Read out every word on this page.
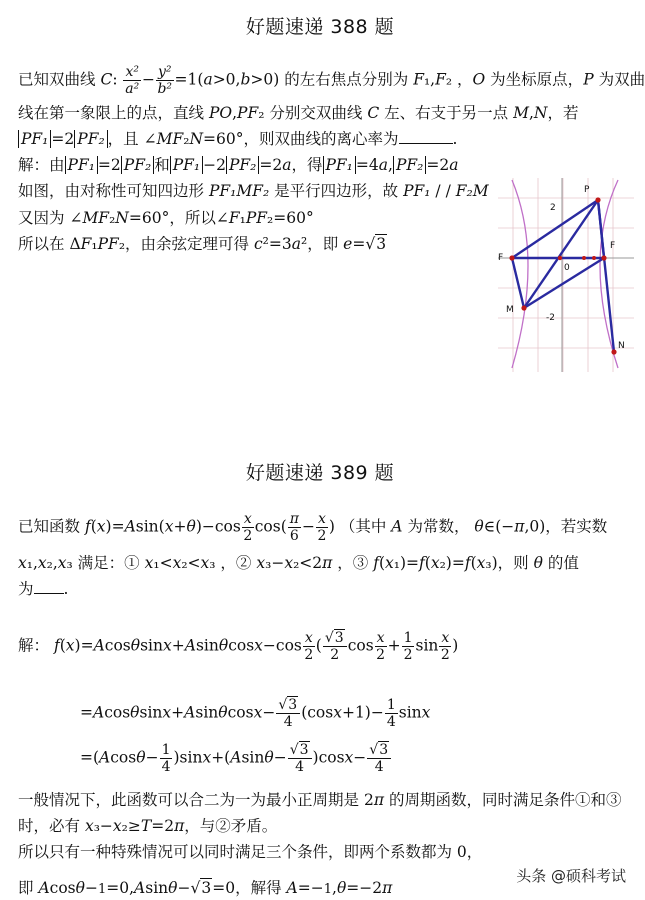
好题速递 388 题
已知双曲线 C: $\frac{\text{x²}}{\text{a²}} - \frac{\text{y²}}{\text{b²}} =1(a>0,b>0)$ 的左右焦点分别为 F₁,F₂ ，O 为坐标原点，P 为双曲
线在第一象限上的点，直线 PO,PF₂ 分别交双曲线 C 左、右支于另一点 M,N，若
PF₁ =2 PF₂ ，且 ∠MF₂N=60°，则双曲线的离心率为	.
解：由 PF₁ =2 PF₂ 和 PF₁ −2 PF₂ =2a，得 PF₁ =4a, PF₂ =2a
如图，由对称性可知四边形 PF₁MF₂ 是平行四边形，故 PF₁ / / F₂M
又因为 ∠MF₂N=60°，所以∠F₁PF₂=60°
所以在 ΔF₁PF₂，由余弦定理可得 c²=3a²，即 e=√3
P
F
F
M
N
0
2
-2
好题速递 389 题
已知函数 $f(x)=Asin(x+\theta)-\cos \frac{x}{2} \cos( \frac{\pi}{6} - \frac{x}{2}$ ) （其中 A 为常数， θ∈(−π,0)，若实数
x₁,x₂,x₃ 满足：① x₁<x₂<x₃ ，② x₃−x₂<2π ，③ f(x₁)=f(x₂)=f(x₃)，则 θ 的值
为 .
解： $f(x)=Acos\theta\sin x+Asin\theta\cos x-\cos \frac{x}{2}$ ( $\frac{√3}{2}$ $\cos \frac{x}{2} + \frac{1}{2}$ $\sin \frac{x}{2}$ )
$=Acos\theta\sin x+Asin\theta\cos x- \frac{√3}{4} (\cos x+1)- \frac{1}{4}$ sinx
$=(Acos\theta- \frac{1}{4} )\sin x+(Asin\theta- \frac{√3}{4} )\cos x- \frac{√3}{4}$
一般情况下，此函数可以合二为一为最小正周期是 2π 的周期函数，同时满足条件①和③
时，必有 x₃−x₂≥T=2π，与②矛盾。
所以只有一种特殊情况可以同时满足三个条件，即两个系数都为 0，
即 Acosθ−1=0,Asinθ−√3=0，解得 A=−1,θ=−2π
头条 @硕科考试
